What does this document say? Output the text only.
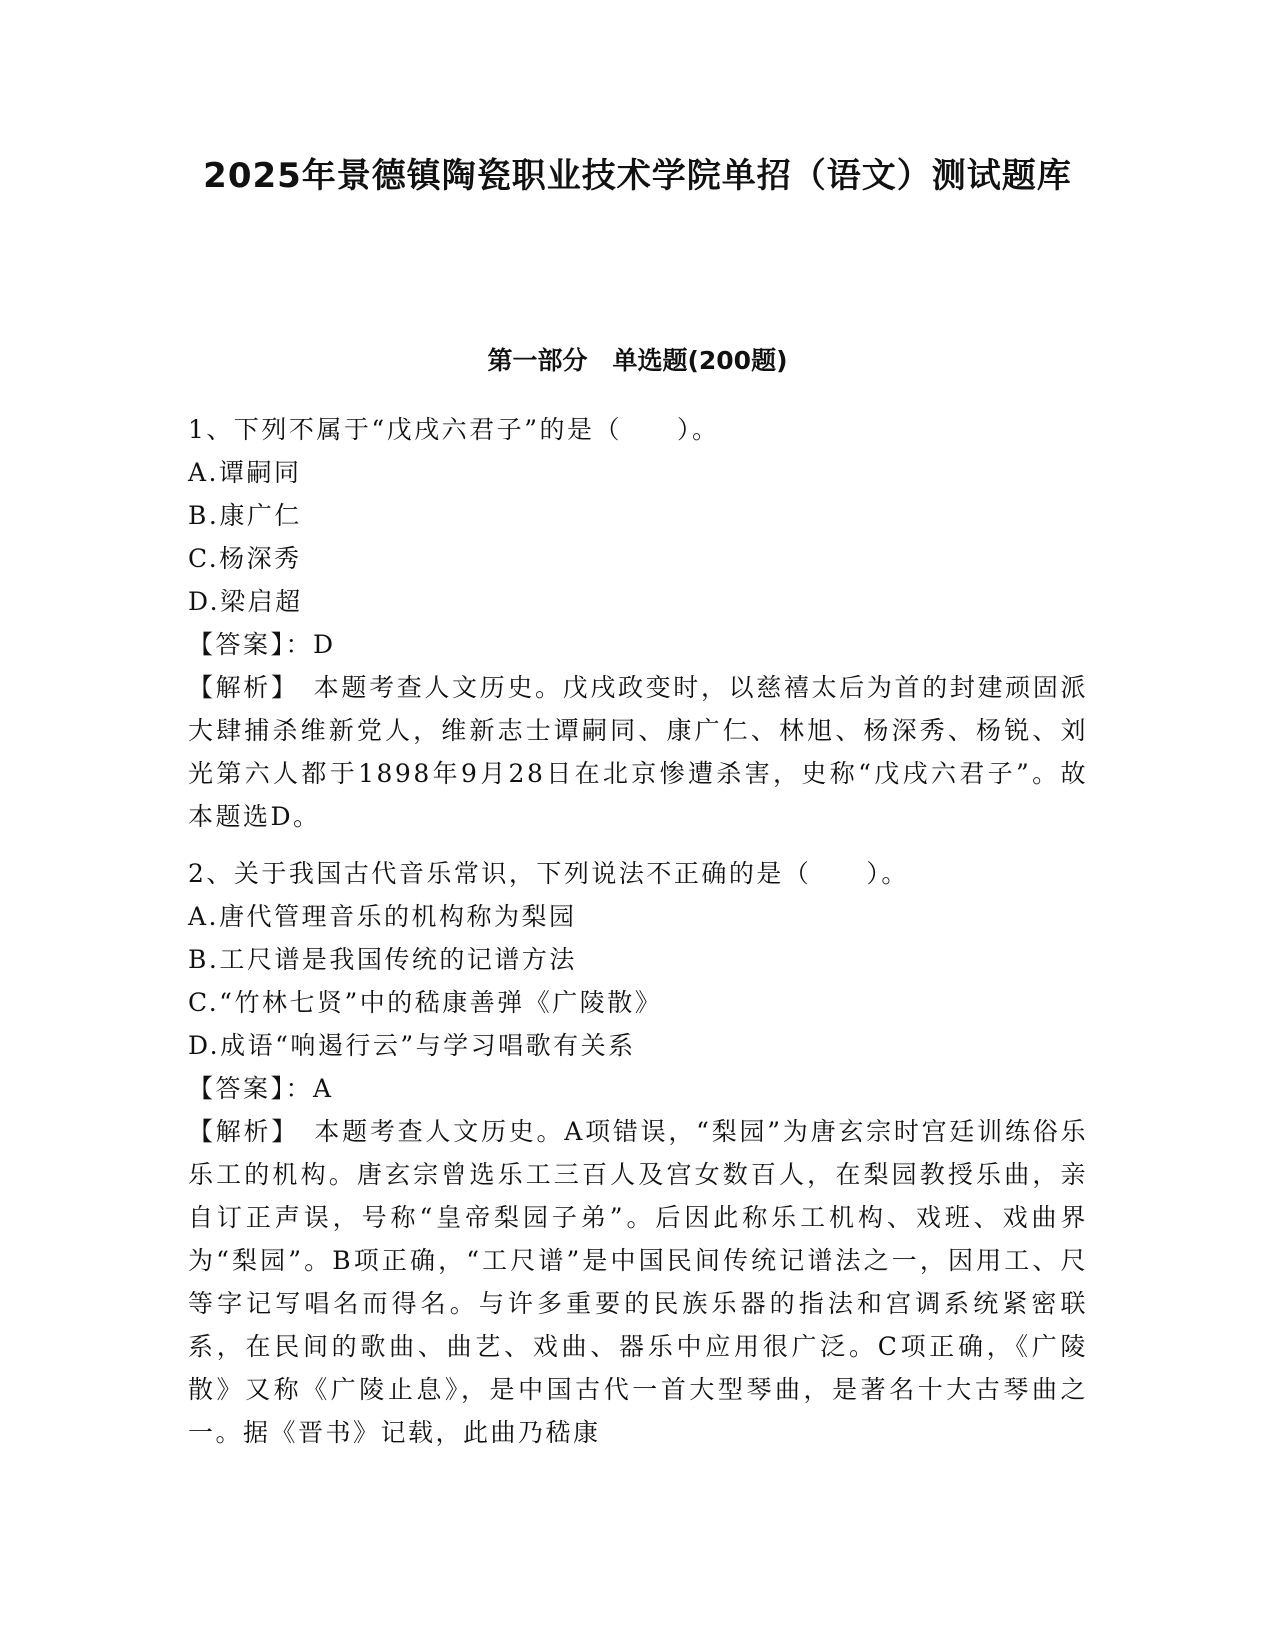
2025年景德镇陶瓷职业技术学院单招（语文）测试题库
第一部分　单选题(200题)

1、下列不属于“戊戌六君子”的是（　　）。

A.谭嗣同

B.康广仁

C.杨深秀

D.梁启超

【答案】：D

【解析】　本题考查人文历史。戊戌政变时，以慈禧太后为首的封建顽固派大肆捕杀维新党人，维新志士谭嗣同、康广仁、林旭、杨深秀、杨锐、刘光第六人都于1898年9月28日在北京惨遭杀害，史称“戊戌六君子”。故本题选D。

2、关于我国古代音乐常识，下列说法不正确的是（　　）。

A.唐代管理音乐的机构称为梨园

B.工尺谱是我国传统的记谱方法

C.“竹林七贤”中的嵇康善弹《广陵散》

D.成语“响遏行云”与学习唱歌有关系

【答案】：A

【解析】　本题考查人文历史。A项错误，“梨园”为唐玄宗时宫廷训练俗乐乐工的机构。唐玄宗曾选乐工三百人及宫女数百人，在梨园教授乐曲，亲自订正声误，号称“皇帝梨园子弟”。后因此称乐工机构、戏班、戏曲界为“梨园”。B项正确，“工尺谱”是中国民间传统记谱法之一，因用工、尺等字记写唱名而得名。与许多重要的民族乐器的指法和宫调系统紧密联系，在民间的歌曲、曲艺、戏曲、器乐中应用很广泛。C项正确，《广陵散》又称《广陵止息》，是中国古代一首大型琴曲，是著名十大古琴曲之一。据《晋书》记载，此曲乃嵇康
